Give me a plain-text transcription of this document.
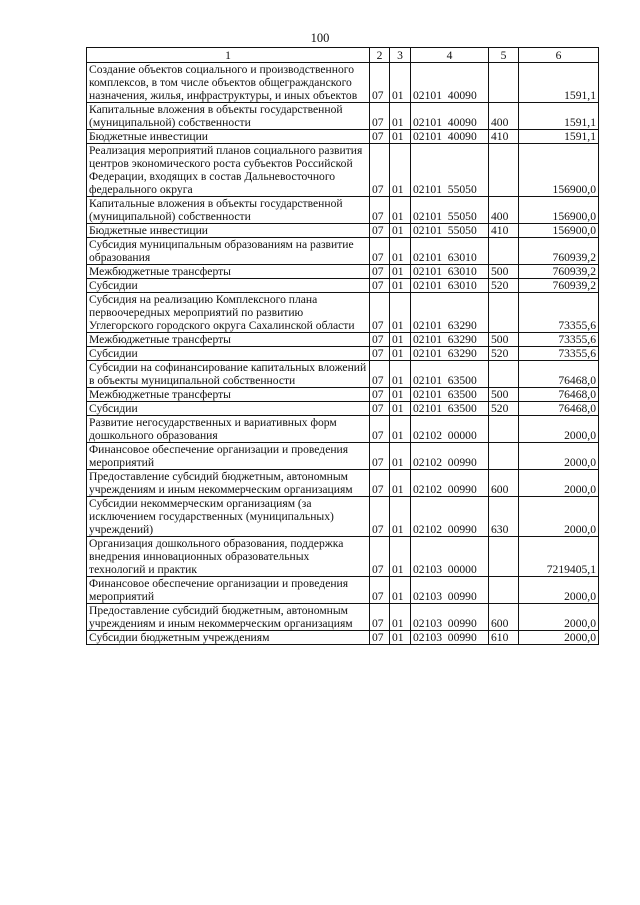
100
1	2	3	4	5	6
Создание объектов социального и производственного комплексов, в том числе объектов общегражданского назначения, жилья, инфраструктуры, и иных объектов	07	01	02101  40090		1591,1
Капитальные вложения в объекты государственной (муниципальной) собственности	07	01	02101  40090	400	1591,1
Бюджетные инвестиции	07	01	02101  40090	410	1591,1
Реализация мероприятий планов социального развития центров экономического роста субъектов Российской Федерации, входящих в состав Дальневосточного федерального округа	07	01	02101  55050		156900,0
Капитальные вложения в объекты государственной (муниципальной) собственности	07	01	02101  55050	400	156900,0
Бюджетные инвестиции	07	01	02101  55050	410	156900,0
Субсидия муниципальным образованиям на развитие образования	07	01	02101  63010		760939,2
Межбюджетные трансферты	07	01	02101  63010	500	760939,2
Субсидии	07	01	02101  63010	520	760939,2
Субсидия на реализацию Комплексного плана первоочередных мероприятий по развитию Углегорского городского округа Сахалинской области	07	01	02101  63290		73355,6
Межбюджетные трансферты	07	01	02101  63290	500	73355,6
Субсидии	07	01	02101  63290	520	73355,6
Субсидии на софинансирование капитальных вложений в объекты муниципальной собственности	07	01	02101  63500		76468,0
Межбюджетные трансферты	07	01	02101  63500	500	76468,0
Субсидии	07	01	02101  63500	520	76468,0
Развитие негосударственных и вариативных форм дошкольного образования	07	01	02102  00000		2000,0
Финансовое обеспечение организации и проведения мероприятий	07	01	02102  00990		2000,0
Предоставление субсидий бюджетным, автономным учреждениям и иным некоммерческим организациям	07	01	02102  00990	600	2000,0
Субсидии некоммерческим организациям (за исключением государственных (муниципальных) учреждений)	07	01	02102  00990	630	2000,0
Организация дошкольного образования, поддержка внедрения инновационных образовательных технологий и практик	07	01	02103  00000		7219405,1
Финансовое обеспечение организации и проведения мероприятий	07	01	02103  00990		2000,0
Предоставление субсидий бюджетным, автономным учреждениям и иным некоммерческим организациям	07	01	02103  00990	600	2000,0
Субсидии бюджетным учреждениям	07	01	02103  00990	610	2000,0
